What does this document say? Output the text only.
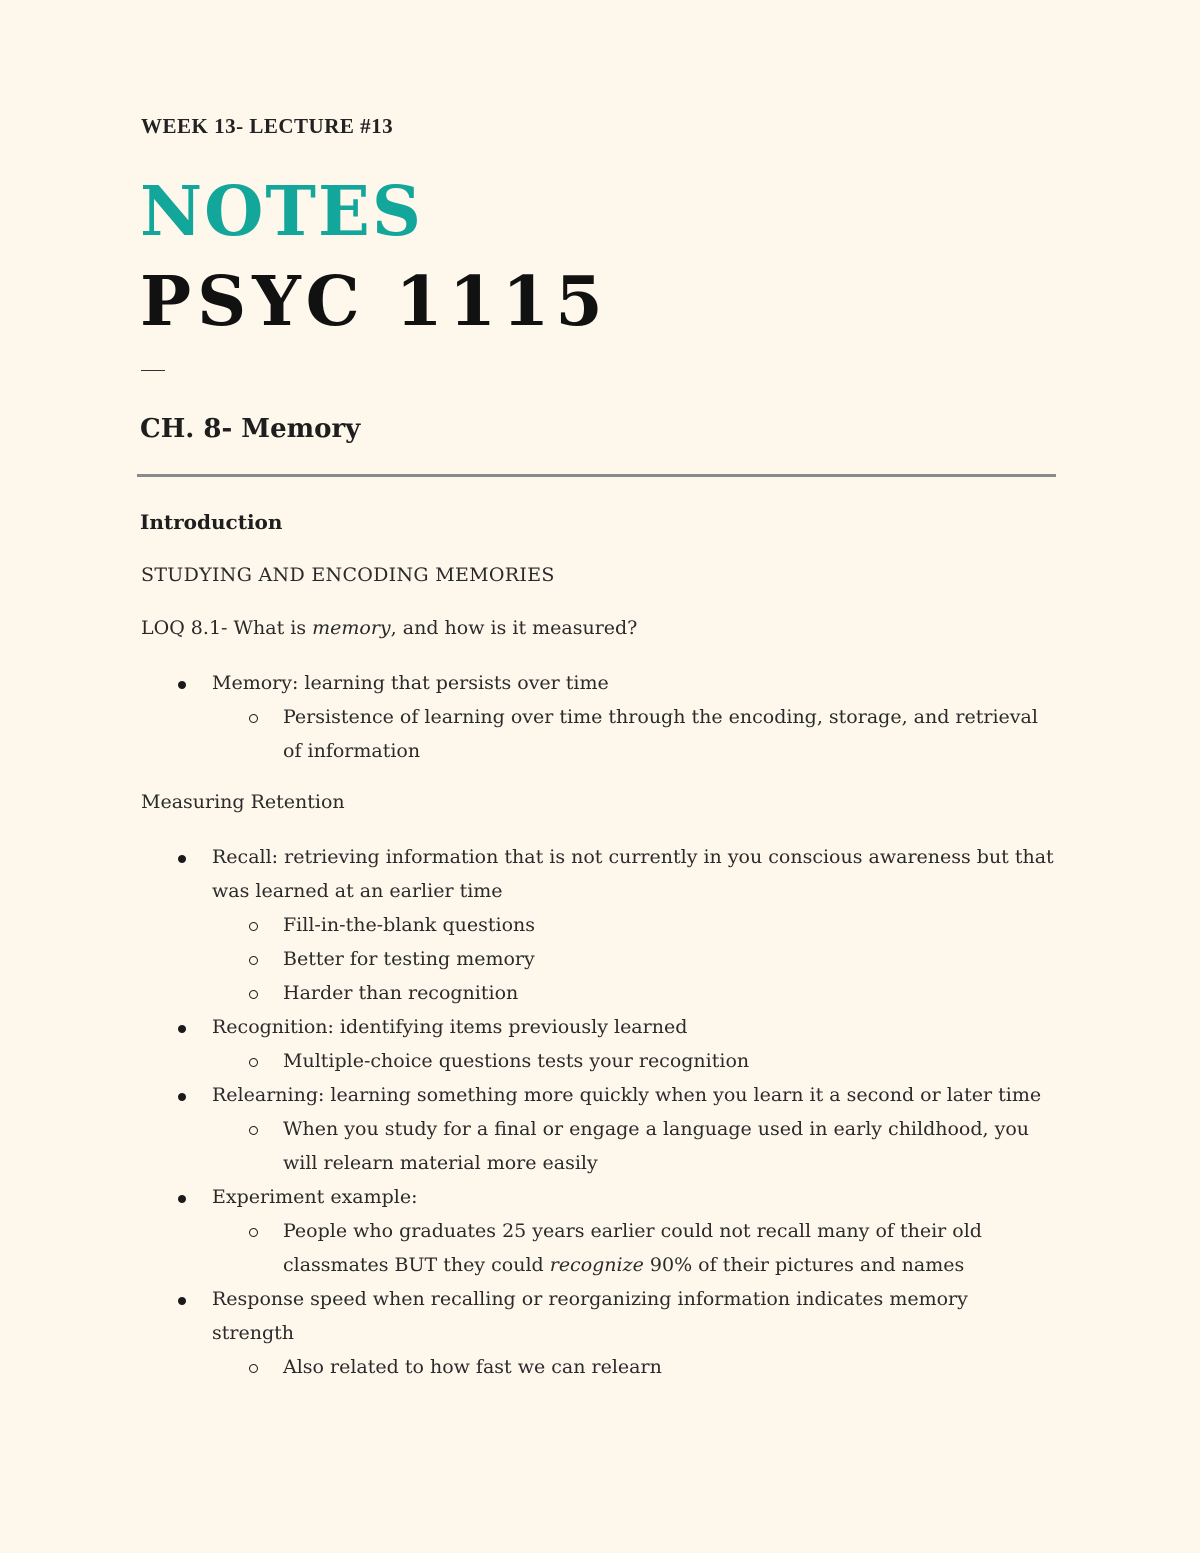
WEEK 13- LECTURE #13
NOTES
PSYC 1115
CH. 8- Memory
Introduction
STUDYING AND ENCODING MEMORIES
LOQ 8.1- What is memory, and how is it measured?
Memory: learning that persists over time
Persistence of learning over time through the encoding, storage, and retrieval of information
Measuring Retention
Recall: retrieving information that is not currently in you conscious awareness but that was learned at an earlier time
Fill-in-the-blank questions
Better for testing memory
Harder than recognition
Recognition: identifying items previously learned
Multiple-choice questions tests your recognition
Relearning: learning something more quickly when you learn it a second or later time
When you study for a final or engage a language used in early childhood, you will relearn material more easily
Experiment example:
People who graduates 25 years earlier could not recall many of their old classmates BUT they could recognize 90% of their pictures and names
Response speed when recalling or reorganizing information indicates memory strength
Also related to how fast we can relearn
